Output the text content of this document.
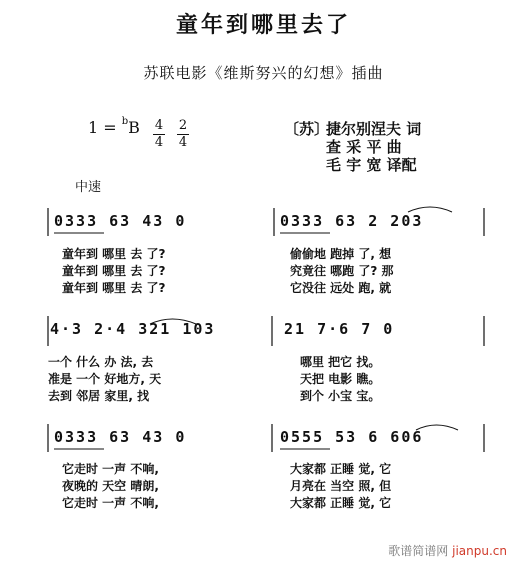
童年到哪里去了
苏联电影《维斯努兴的幻想》插曲
1 = $^b$B 4
4
2
4
〔苏〕
捷尔别涅夫 词
查 采 平 曲
毛 宇 宽 译配
中速
0333 63 43 0	0333 63 2 203
童年到 哪里 去 了?	偷偷地 跑掉 了, 想
童年到 哪里 去 了?	究竟往 哪跑 了? 那
童年到 哪里 去 了?	它没往 远处 跑, 就
4·3 2·4 321 103	21 7·6 7 0
一个 什么 办 法, 去	哪里 把它 找。
准是 一个 好地方, 天	天把 电影 瞧。
去到 邻居 家里, 找	到个 小宝 宝。
0333 63 43 0	0555 53 6 606
它走时 一声 不响,	大家都 正睡 觉, 它
夜晚的 天空 晴朗,	月亮在 当空 照, 但
它走时 一声 不响,	大家都 正睡 觉, 它
歌谱简谱网 jianpu.cn
